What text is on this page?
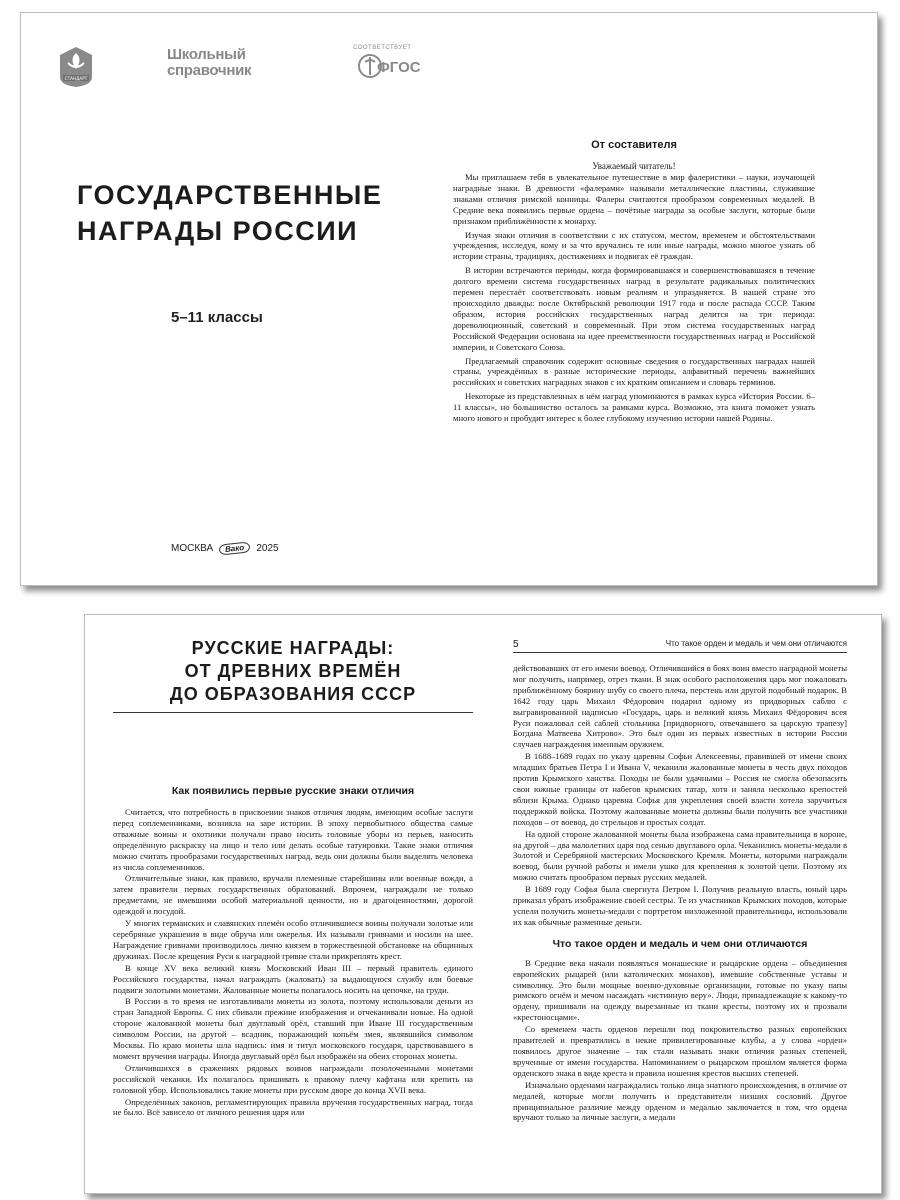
СТАНДАРТ
Школьный
справочник
СООТВЕТСТВУЕТ
ФГОС
ГОСУДАРСТВЕННЫЕ
НАГРАДЫ РОССИИ
5–11 классы
МОСКВА	Вако	2025
От составителя
Уважаемый читатель!

Мы приглашаем тебя в увлекательное путешествие в мир фалеристики – науки, изучающей наградные знаки. В древности «фалерами» называли металлические пластины, служившие знаками отличия римской конницы. Фалеры считаются прообразом современных медалей. В Средние века появились первые ордена – почётные награды за особые заслуги, которые были признаком приближённости к монарху.

Изучая знаки отличия в соответствии с их статусом, местом, временем и обстоятельствами учреждения, исследуя, кому и за что вручались те или иные награды, можно многое узнать об истории страны, традициях, достижениях и подвигах её граждан.

В истории встречаются периоды, когда формировавшаяся и совершенствовавшаяся в течение долгого времени система государственных наград в результате радикальных политических перемен перестаёт соответствовать новым реалиям и упраздняется. В нашей стране это происходило дважды: после Октябрьской революции 1917 года и после распада СССР. Таким образом, история российских государственных наград делится на три периода: дореволюционный, советский и современный. При этом система государственных наград Российской Федерации основана на идее преемственности государственных наград и Российской империи, и Советского Союза.

Предлагаемый справочник содержит основные сведения о государственных наградах нашей страны, учреждённых в разные исторические периоды, алфавитный перечень важнейших российских и советских наградных знаков с их кратким описанием и словарь терминов.

Некоторые из представленных в нём наград упоминаются в рамках курса «История России. 6–11 классы», но большинство осталось за рамками курса. Возможно, эта книга поможет узнать много нового и пробудит интерес к более глубокому изучению истории нашей Родины.

РУССКИЕ НАГРАДЫ:
ОТ ДРЕВНИХ ВРЕМЁН
ДО ОБРАЗОВАНИЯ СССР
Как появились первые русские знаки отличия

Считается, что потребность в присвоении знаков отличия людям, имеющим особые заслуги перед соплеменниками, возникла на заре истории. В эпоху первобытного общества самые отважные воины и охотники получали право носить головные уборы из перьев, наносить определённую раскраску на лицо и тело или делать особые татуировки. Такие знаки отличия можно считать прообразами государственных наград, ведь они должны были выделять человека из числа соплеменников.

Отличительные знаки, как правило, вручали племенные старейшины или военные вожди, а затем правители первых государственных образований. Впрочем, награждали не только предметами, не имевшими особой материальной ценности, но и драгоценностями, дорогой одеждой и посудой.

У многих германских и славянских племён особо отличившиеся воины получали золотые или серебряные украшения в виде обруча или ожерелья. Их называли гривнами и носили на шее. Награждение гривнами производилось лично князем в торжественной обстановке на общинных дружинах. После крещения Руси к наградной гривне стали прикреплять крест.

В конце XV века великий князь Московский Иван III – первый правитель единого Российского государства, начал награждать (жаловать) за выдающуюся службу или боевые подвиги золотыми монетами. Жалованные монеты полагалось носить на цепочке, на груди.

В России в то время не изготавливали монеты из золота, поэтому использовали деньги из стран Западной Европы. С них сбивали прежние изображения и отчеканивали новые. На одной стороне жалованной монеты был двуглавый орёл, ставший при Иване III государственным символом России, на другой – всадник, поражающий копьём змея, являвшийся символом Москвы. По краю монеты шла надпись: имя и титул московского государя, царствовавшего в момент вручения награды. Иногда двуглавый орёл был изображён на обеих сторонах монеты.

Отличившихся в сражениях рядовых воинов награждали позолоченными монетами российской чеканки. Их полагалось пришивать к правому плечу кафтана или крепить на головной убор. Использовались такие монеты при русском дворе до конца XVII века.

Определённых законов, регламентирующих правила вручения государственных наград, тогда не было. Всё зависело от личного решения царя или

5	Что такое орден и медаль и чем они отличаются

действовавших от его имени воевод. Отличившийся в боях воин вместо наградной монеты мог получить, например, отрез ткани. В знак особого расположения царь мог пожаловать приближённому боярину шубу со своего плеча, перстень или другой подобный подарок. В 1642 году царь Михаил Фёдорович подарил одному из придворных саблю с выгравированной надписью «Государь, царь и великий князь Михаил Фёдорович всея Руси пожаловал сей саблей стольника [придворного, отвечавшего за царскую трапезу] Богдана Матвеева Хитрово». Это был один из первых известных в истории России случаев награждения именным оружием.

В 1688–1689 годах по указу царевны Софьи Алексеевны, правившей от имени своих младших братьев Петра I и Ивана V, чеканили жалованные монеты в честь двух походов против Крымского ханства. Походы не были удачными – Россия не смогла обезопасить свои южные границы от набегов крымских татар, хотя и заняла несколько крепостей вблизи Крыма. Однако царевна Софья для укрепления своей власти хотела заручиться поддержкой войска. Поэтому жалованные монеты должны были получить все участники походов – от воевод, до стрельцов и простых солдат.

На одной стороне жалованной монеты была изображена сама правительница в короне, на другой – два малолетних царя под сенью двуглавого орла. Чеканились монеты-медали в Золотой и Серебряной мастерских Московского Кремля. Монеты, которыми награждали воевод, были ручной работы и имели ушко для крепления к золотой цепи. Поэтому их можно считать прообразом первых русских медалей.

В 1689 году Софья была свергнута Петром I. Получив реальную власть, юный царь приказал убрать изображение своей сестры. Те из участников Крымских походов, которые успели получить монеты-медали с портретом низложенной правительницы, использовали их как обычные разменные деньги.

Что такое орден и медаль и чем они отличаются

В Средние века начали появляться монашеские и рыцарские ордена – объединения европейских рыцарей (или католических монахов), имевшие собственные уставы и символику. Это были мощные военно-духовные организации, готовые по указу папы римского огнём и мечом насаждать «истинную веру». Люди, принадлежащие к какому-то ордену, пришивали на одежду вырезанные из ткани кресты, поэтому их и прозвали «крестоносцами».

Со временем часть орденов перешли под покровительство разных европейских правителей и превратились в некие привилегированные клубы, а у слова «орден» появилось другое значение – так стали называть знаки отличия разных степеней, врученные от имени государства. Напоминанием о рыцарском прошлом является форма орденского знака в виде креста и правила ношения крестов высших степеней.

Изначально орденами награждались только лица знатного происхождения, в отличие от медалей, которые могли получить и представители низших сословий. Другое принципиальное различие между орденом и медалью заключается в том, что ордена вручают только за личные заслуги, а медали
